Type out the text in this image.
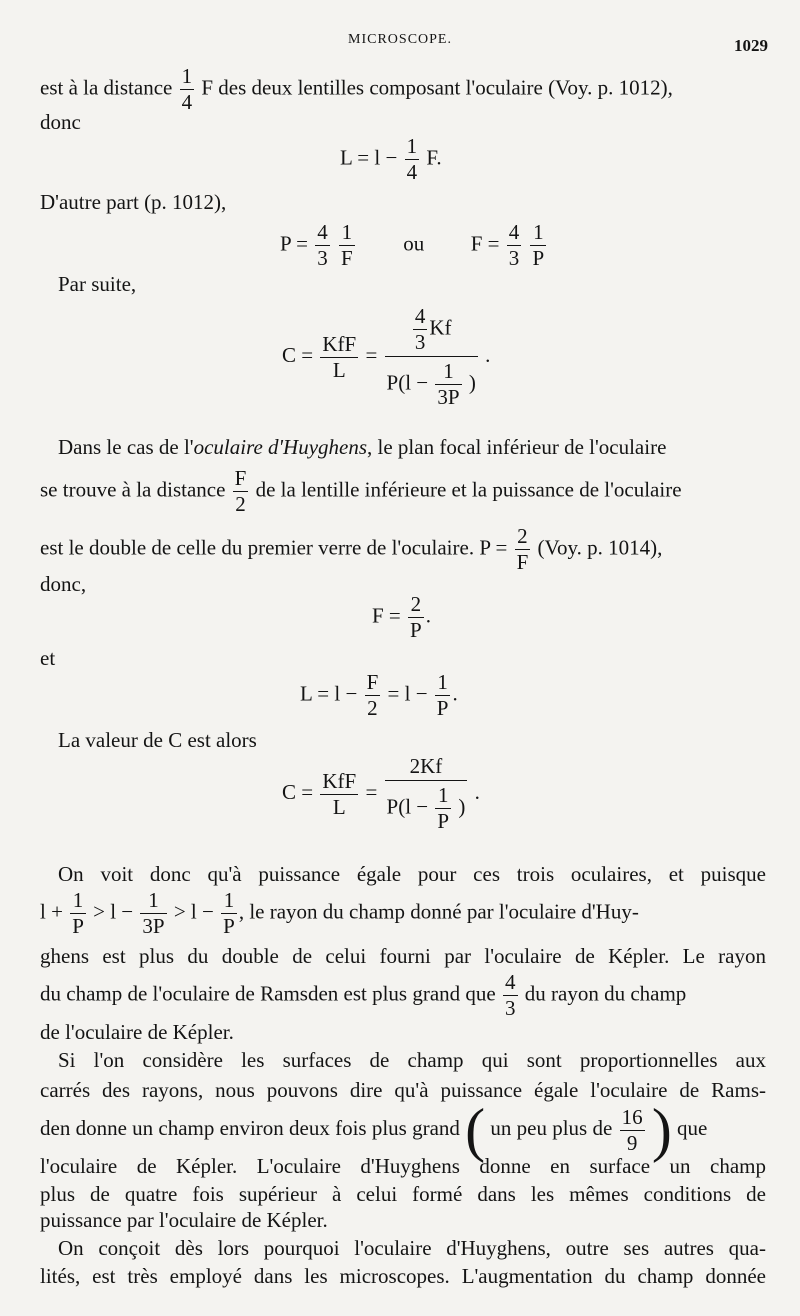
MICROSCOPE.	1029
est à la distance $\frac{1}{4}$ F des deux lentilles composant l'oculaire (Voy. p. 1012),
donc
$L = l - \frac{1}{4} F$.
D'autre part (p. 1012),
$P = \frac{4}{3}$
$\frac{1}{F}$ ou $F = \frac{4}{3}$
$\frac{1}{P}$
Par suite,
C = KfF
L
= $\frac{\frac{4}{3} Kf}{P(l - \frac{1}{3P} )}$ .
Dans le cas de l'oculaire d'Huyghens, le plan focal inférieur de l'oculaire
se trouve à la distance $\frac{F}{2}$ de la lentille inférieure et la puissance de l'oculaire
est le double de celle du premier verre de l'oculaire. $P = \frac{2}{F} (Voy$. p. 1014),
donc,
$F = \frac{2}{P}$ .
et
$L = l - \frac{F}{2} = l - \frac{1}{P}$ .
La valeur de C est alors
C = KfF
L
= $\frac{2Kf}{P(l - \frac{1}{P} )}$ .
On voit donc qu'à puissance égale pour ces trois oculaires, et puisque
$l + \frac{1}{P} > l - \frac{1}{3P} > l - \frac{1}{P}$ , le rayon du champ donné par l'oculaire d'Huy-
ghens est plus du double de celui fourni par l'oculaire de Képler. Le rayon
du champ de l'oculaire de Ramsden est plus grand que $\frac{4}{3}$ du rayon du champ
de l'oculaire de Képler.
Si l'on considère les surfaces de champ qui sont proportionnelles aux
carrés des rayons, nous pouvons dire qu'à puissance égale l'oculaire de Rams-
den donne un champ environ deux fois plus grand ( un peu plus de $\frac{16}{9}$ ) que
l'oculaire de Képler. L'oculaire d'Huyghens donne en surface un champ
plus de quatre fois supérieur à celui formé dans les mêmes conditions de
puissance par l'oculaire de Képler.
On conçoit dès lors pourquoi l'oculaire d'Huyghens, outre ses autres qua-
lités, est très employé dans les microscopes. L'augmentation du champ donnée
